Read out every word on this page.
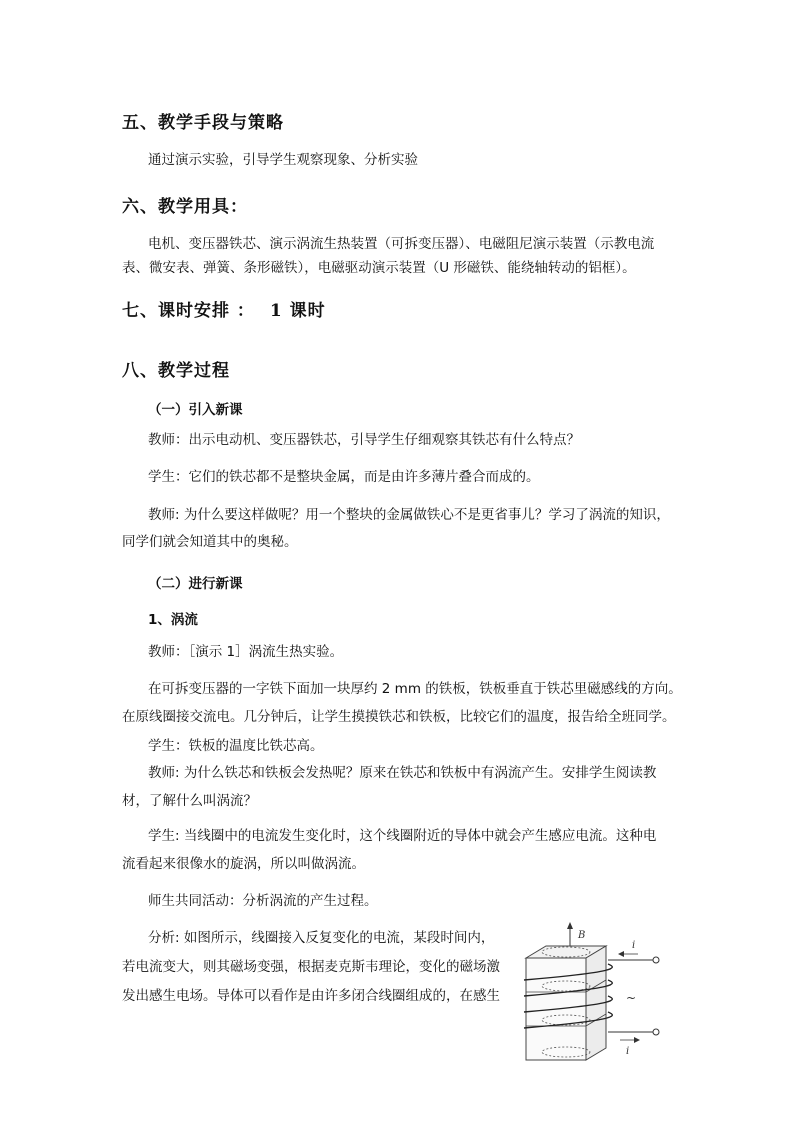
五、教学手段与策略
通过演示实验，引导学生观察现象、分析实验
六、教学用具：
电机、变压器铁芯、演示涡流生热装置（可拆变压器）、电磁阻尼演示装置（示教电流
表、微安表、弹簧、条形磁铁），电磁驱动演示装置（U 形磁铁、能绕轴转动的铝框）。
七、课时安排 ： 1 课时
八、教学过程
（一）引入新课
教师：出示电动机、变压器铁芯，引导学生仔细观察其铁芯有什么特点？
学生：它们的铁芯都不是整块金属，而是由许多薄片叠合而成的。
教师: 为什么要这样做呢？用一个整块的金属做铁心不是更省事儿？学习了涡流的知识，
同学们就会知道其中的奥秘。
（二）进行新课
1、涡流
教师：［演示 1］涡流生热实验。
在可拆变压器的一字铁下面加一块厚约 2 mm 的铁板，铁板垂直于铁芯里磁感线的方向。
在原线圈接交流电。几分钟后，让学生摸摸铁芯和铁板，比较它们的温度，报告给全班同学。
学生：铁板的温度比铁芯高。
教师: 为什么铁芯和铁板会发热呢？原来在铁芯和铁板中有涡流产生。安排学生阅读教
材，了解什么叫涡流？
学生: 当线圈中的电流发生变化时，这个线圈附近的导体中就会产生感应电流。这种电
流看起来很像水的旋涡，所以叫做涡流。
师生共同活动：分析涡流的产生过程。
分析: 如图所示，线圈接入反复变化的电流，某段时间内，
若电流变大，则其磁场变强，根据麦克斯韦理论，变化的磁场激
发出感生电场。导体可以看作是由许多闭合线圈组成的，在感生
B
i
i
~
